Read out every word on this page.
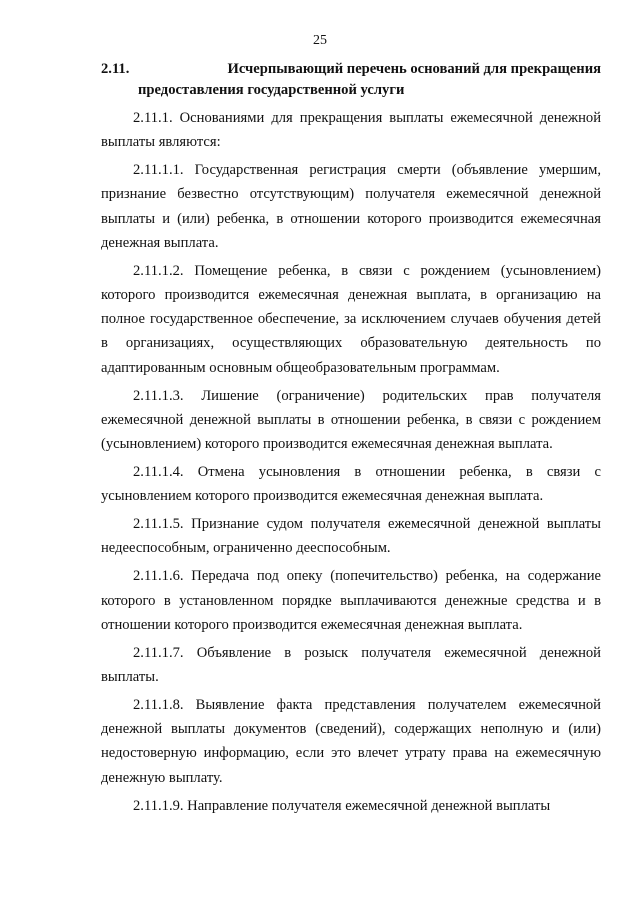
25
2.11.	Исчерпывающий перечень оснований для прекращения
предоставления государственной услуги

2.11.1. Основаниями для прекращения выплаты ежемесячной денежной выплаты являются:

2.11.1.1. Государственная регистрация смерти (объявление умершим, признание безвестно отсутствующим) получателя ежемесячной денежной выплаты и (или) ребенка, в отношении которого производится ежемесячная денежная выплата.

2.11.1.2. Помещение ребенка, в связи с рождением (усыновлением) которого производится ежемесячная денежная выплата, в организацию на полное государственное обеспечение, за исключением случаев обучения детей в организациях, осуществляющих образовательную деятельность по адаптированным основным общеобразовательным программам.

2.11.1.3. Лишение (ограничение) родительских прав получателя ежемесячной денежной выплаты в отношении ребенка, в связи с рождением (усыновлением) которого производится ежемесячная денежная выплата.

2.11.1.4. Отмена усыновления в отношении ребенка, в связи с усыновлением которого производится ежемесячная денежная выплата.

2.11.1.5. Признание судом получателя ежемесячной денежной выплаты недееспособным, ограниченно дееспособным.

2.11.1.6. Передача под опеку (попечительство) ребенка, на содержание которого в установленном порядке выплачиваются денежные средства и в отношении которого производится ежемесячная денежная выплата.

2.11.1.7. Объявление в розыск получателя ежемесячной денежной выплаты.

2.11.1.8. Выявление факта представления получателем ежемесячной денежной выплаты документов (сведений), содержащих неполную и (или) недостоверную информацию, если это влечет утрату права на ежемесячную денежную выплату.

2.11.1.9. Направление получателя ежемесячной денежной выплаты
